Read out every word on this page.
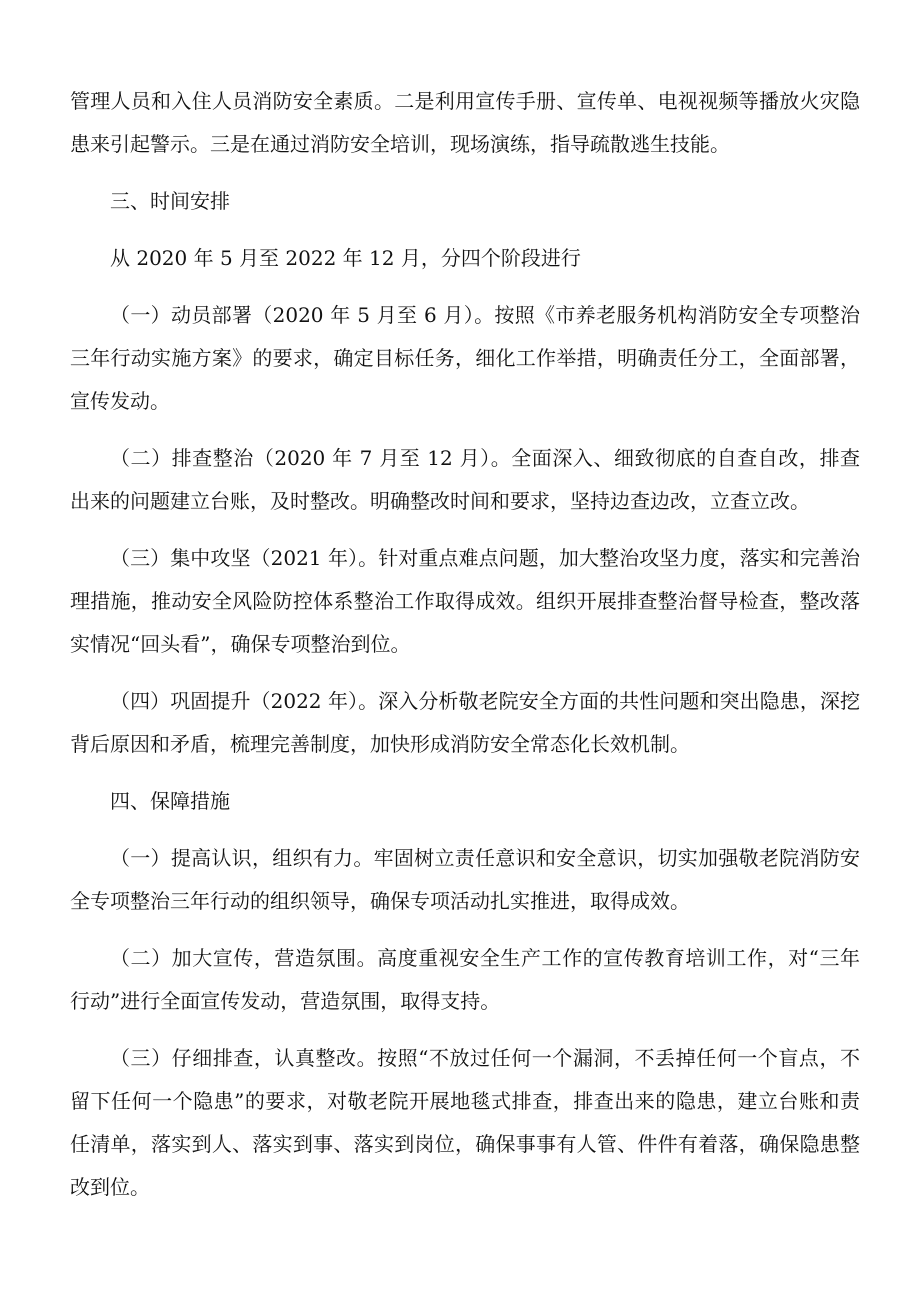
管理人员和入住人员消防安全素质。二是利用宣传手册、宣传单、电视视频等播放火灾隐患来引起警示。三是在通过消防安全培训，现场演练，指导疏散逃生技能。

三、时间安排

从 2020 年 5 月至 2022 年 12 月，分四个阶段进行

（一）动员部署（2020 年 5 月至 6 月）。按照《市养老服务机构消防安全专项整治三年行动实施方案》的要求，确定目标任务，细化工作举措，明确责任分工，全面部署，宣传发动。

（二）排查整治（2020 年 7 月至 12 月）。全面深入、细致彻底的自查自改，排查出来的问题建立台账，及时整改。明确整改时间和要求，坚持边查边改，立查立改。

（三）集中攻坚（2021 年）。针对重点难点问题，加大整治攻坚力度，落实和完善治理措施，推动安全风险防控体系整治工作取得成效。组织开展排查整治督导检查，整改落实情况“回头看”，确保专项整治到位。

（四）巩固提升（2022 年）。深入分析敬老院安全方面的共性问题和突出隐患，深挖背后原因和矛盾，梳理完善制度，加快形成消防安全常态化长效机制。

四、保障措施

（一）提高认识，组织有力。牢固树立责任意识和安全意识，切实加强敬老院消防安全专项整治三年行动的组织领导，确保专项活动扎实推进，取得成效。

（二）加大宣传，营造氛围。高度重视安全生产工作的宣传教育培训工作，对“三年行动”进行全面宣传发动，营造氛围，取得支持。

（三）仔细排查，认真整改。按照“不放过任何一个漏洞，不丢掉任何一个盲点，不留下任何一个隐患”的要求，对敬老院开展地毯式排查，排查出来的隐患，建立台账和责任清单，落实到人、落实到事、落实到岗位，确保事事有人管、件件有着落，确保隐患整改到位。
